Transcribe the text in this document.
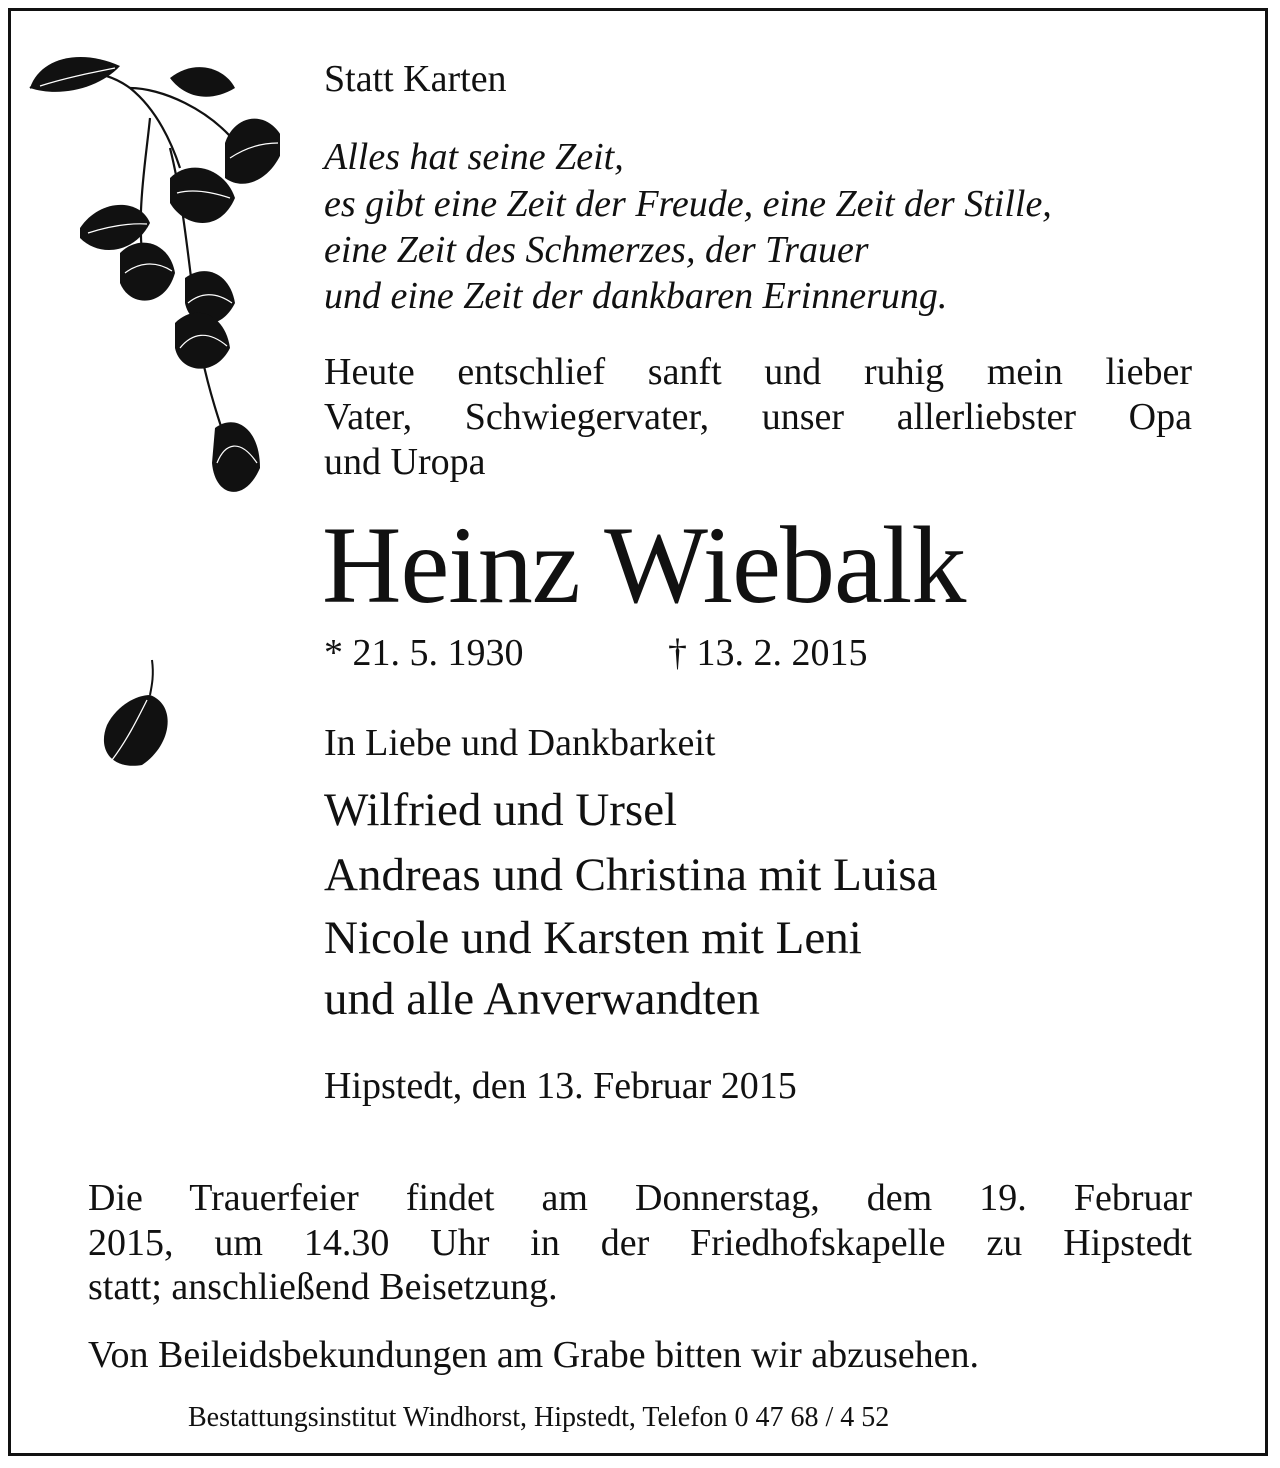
Statt Karten

Alles hat seine Zeit,

es gibt eine Zeit der Freude, eine Zeit der Stille,

eine Zeit des Schmerzes, der Trauer

und eine Zeit der dankbaren Erinnerung.

Heute entschlief sanft und ruhig mein lieber

Vater, Schwiegervater, unser allerliebster Opa

und Uropa

Heinz Wiebalk

* 21. 5. 1930	† 13. 2. 2015

In Liebe und Dankbarkeit

Wilfried und Ursel

Andreas und Christina mit Luisa

Nicole und Karsten mit Leni

und alle Anverwandten

Hipstedt, den 13. Februar 2015

Die Trauerfeier findet am Donnerstag, dem 19. Februar

2015, um 14.30 Uhr in der Friedhofskapelle zu Hipstedt

statt; anschließend Beisetzung.

Von Beileidsbekundungen am Grabe bitten wir abzusehen.

Bestattungsinstitut Windhorst, Hipstedt, Telefon 0 47 68 / 4 52
